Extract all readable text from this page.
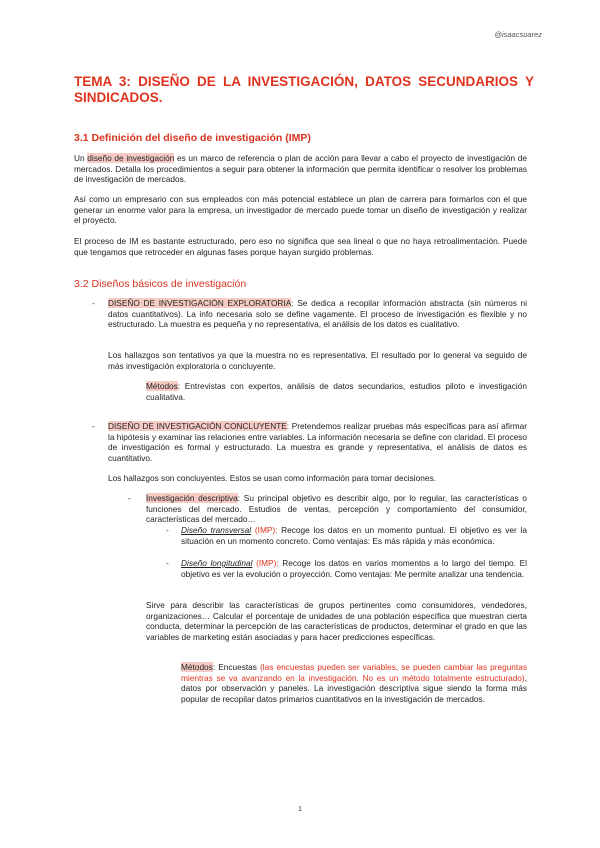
@isaacsuarez
TEMA 3: DISEÑO DE LA INVESTIGACIÓN, DATOS SECUNDARIOS Y
SINDICADOS.
3.1 Definición del diseño de investigación (IMP)
Un diseño de investigación es un marco de referencia o plan de acción para llevar a cabo el proyecto de investigación de mercados. Detalla los procedimientos a seguir para obtener la información que permita identificar o resolver los problemas de investigación de mercados.
Así como un empresario con sus empleados con más potencial establece un plan de carrera para formarlos con el que generar un enorme valor para la empresa, un investigador de mercado puede tomar un diseño de investigación y realizar el proyecto.
El proceso de IM es bastante estructurado, pero eso no significa que sea lineal o que no haya retroalimentación. Puede que tengamos que retroceder en algunas fases porque hayan surgido problemas.
3.2 Diseños básicos de investigación
- DISEÑO DE INVESTIGACIÓN EXPLORATORIA: Se dedica a recopilar información abstracta (sin números ni datos cuantitativos). La info necesaria solo se define vagamente. El proceso de investigación es flexible y no estructurado. La muestra es pequeña y no representativa, el análisis de los datos es cualitativo.
Los hallazgos son tentativos ya que la muestra no es representativa. El resultado por lo general va seguido de más investigación exploratoria o concluyente.
Métodos: Entrevistas con expertos, análisis de datos secundarios, estudios piloto e investigación cualitativa.
- DISEÑO DE INVESTIGACIÓN CONCLUYENTE: Pretendemos realizar pruebas más específicas para así afirmar la hipótesis y examinar las relaciones entre variables. La información necesaria se define con claridad. El proceso de investigación es formal y estructurado. La muestra es grande y representativa, el análisis de datos es cuantitativo.
Los hallazgos son concluyentes. Estos se usan como información para tomar decisiones.
- Investigación descriptiva: Su principal objetivo es describir algo, por lo regular, las características o funciones del mercado. Estudios de ventas, percepción y comportamiento del consumidor, características del mercado…
- Diseño transversal (IMP): Recoge los datos en un momento puntual. El objetivo es ver la situación en un momento concreto. Como ventajas: Es más rápida y más económica.
- Diseño longitudinal (IMP): Recoge los datos en varios momentos a lo largo del tiempo. El objetivo es ver la evolución o proyección. Como ventajas: Me permite analizar una tendencia.
Sirve para describir las características de grupos pertinentes como consumidores, vendedores, organizaciones… Calcular el porcentaje de unidades de una población específica que muestran cierta conducta, determinar la percepción de las características de productos, determinar el grado en que las variables de marketing están asociadas y para hacer predicciones específicas.
Métodos: Encuestas (las encuestas pueden ser variables, se pueden cambiar las preguntas mientras se va avanzando en la investigación. No es un método totalmente estructurado), datos por observación y paneles. La investigación descriptiva sigue siendo la forma más popular de recopilar datos primarios cuantitativos en la investigación de mercados.
1
